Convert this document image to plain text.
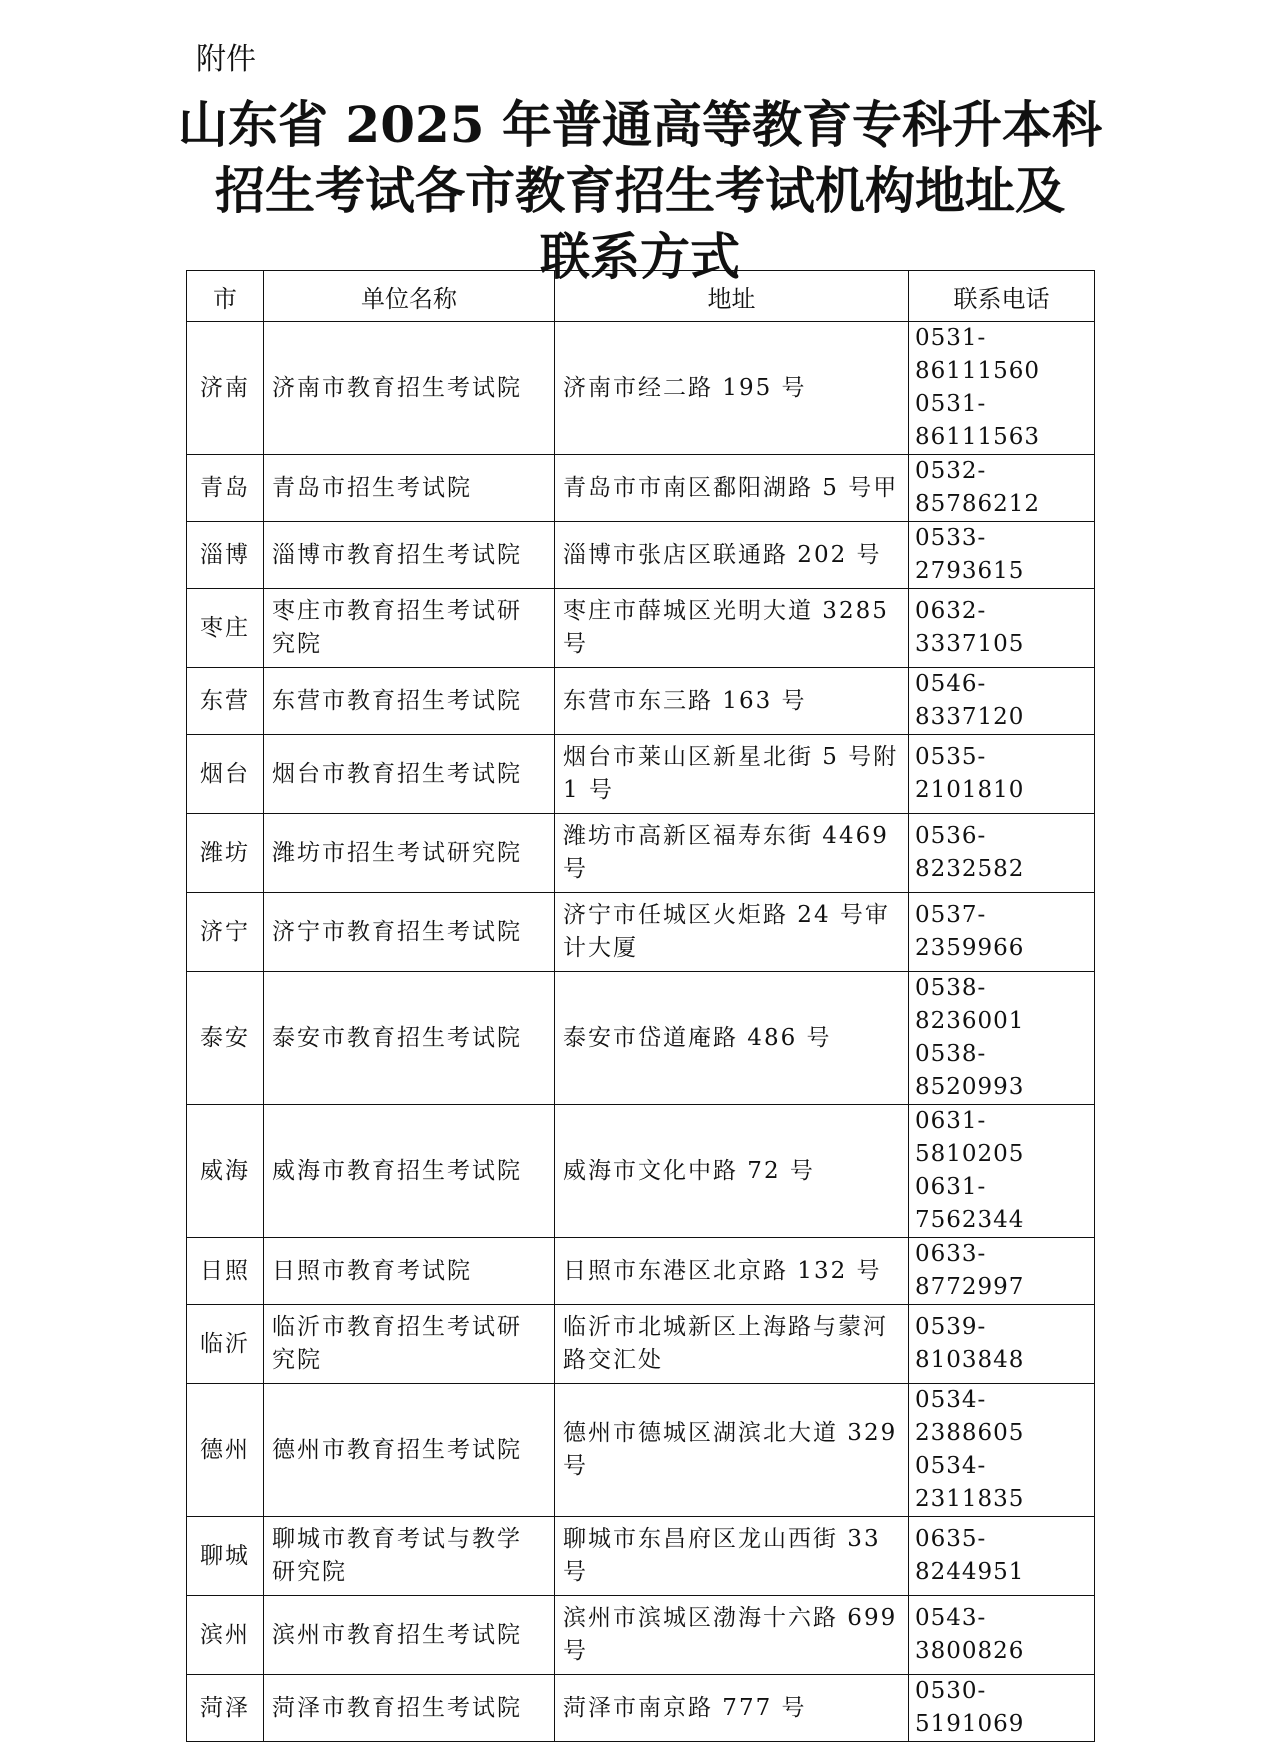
附件
山东省 2025 年普通高等教育专科升本科
招生考试各市教育招生考试机构地址及
联系方式
市	单位名称	地址	联系电话
济南	济南市教育招生考试院	济南市经二路 195 号	0531-86111560
0531-86111563

青岛	青岛市招生考试院	青岛市市南区鄱阳湖路 5 号甲	0532-85786212

淄博	淄博市教育招生考试院	淄博市张店区联通路 202 号	0533-2793615

枣庄	枣庄市教育招生考试研究院	枣庄市薛城区光明大道 3285 号	0632-3337105

东营	东营市教育招生考试院	东营市东三路 163 号	0546-8337120

烟台	烟台市教育招生考试院	烟台市莱山区新星北街 5 号附 1 号	0535-2101810

潍坊	潍坊市招生考试研究院	潍坊市高新区福寿东街 4469 号	0536-8232582

济宁	济宁市教育招生考试院	济宁市任城区火炬路 24 号审计大厦	0537-2359966

泰安	泰安市教育招生考试院	泰安市岱道庵路 486 号	0538-8236001
0538-8520993

威海	威海市教育招生考试院	威海市文化中路 72 号	0631-5810205
0631-7562344

日照	日照市教育考试院	日照市东港区北京路 132 号	0633-8772997

临沂	临沂市教育招生考试研究院	临沂市北城新区上海路与蒙河路交汇处	0539-8103848

德州	德州市教育招生考试院	德州市德城区湖滨北大道 329 号	0534-2388605
0534-2311835

聊城	聊城市教育考试与教学研究院	聊城市东昌府区龙山西街 33 号	0635-8244951

滨州	滨州市教育招生考试院	滨州市滨城区渤海十六路 699 号	0543-3800826

菏泽	菏泽市教育招生考试院	菏泽市南京路 777 号	0530-5191069
